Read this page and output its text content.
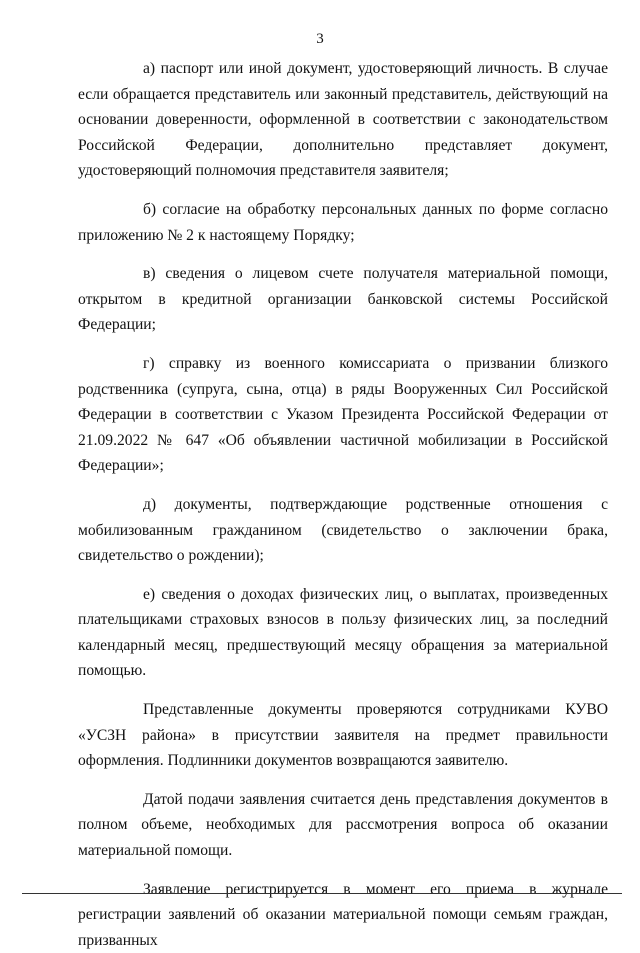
3

а) паспорт или иной документ, удостоверяющий личность. В случае если обращается представитель или законный представитель, действующий на основании доверенности, оформленной в соответствии с законодательством Российской Федерации, дополнительно представляет документ, удостоверяющий полномочия представителя заявителя;

б) согласие на обработку персональных данных по форме согласно приложению № 2 к настоящему Порядку;

в) сведения о лицевом счете получателя материальной помощи, открытом в кредитной организации банковской системы Российской Федерации;

г) справку из военного комиссариата о призвании близкого родственника (супруга, сына, отца) в ряды Вооруженных Сил Российской Федерации в соответствии с Указом Президента Российской Федерации от 21.09.2022 № 647 «Об объявлении частичной мобилизации в Российской Федерации»;

д) документы, подтверждающие родственные отношения с мобилизованным гражданином (свидетельство о заключении брака, свидетельство о рождении);

е) сведения о доходах физических лиц, о выплатах, произведенных плательщиками страховых взносов в пользу физических лиц, за последний календарный месяц, предшествующий месяцу обращения за материальной помощью.

Представленные документы проверяются сотрудниками КУВО «УСЗН района» в присутствии заявителя на предмет правильности оформления. Подлинники документов возвращаются заявителю.

Датой подачи заявления считается день представления документов в полном объеме, необходимых для рассмотрения вопроса об оказании материальной помощи.

Заявление регистрируется в момент его приема в журнале регистрации заявлений об оказании материальной помощи семьям граждан, призванных
